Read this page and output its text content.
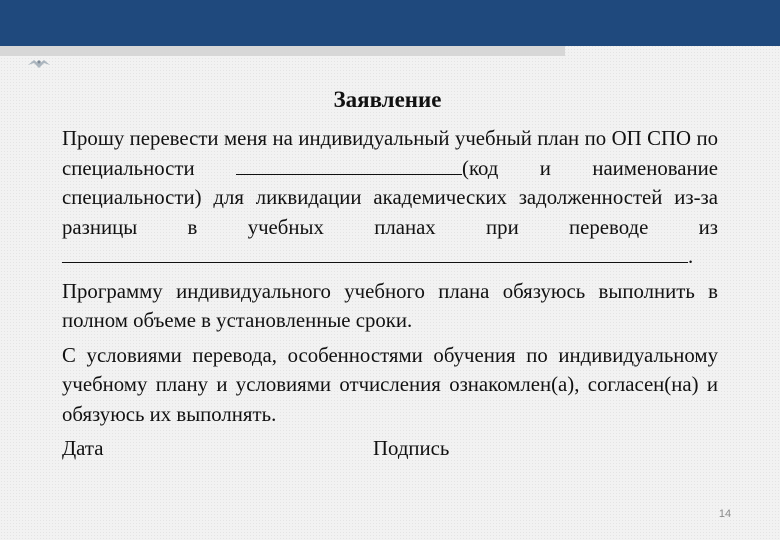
Заявление

Прошу перевести меня на индивидуальный учебный план по ОП СПО по специальности	(код и наименование специальности) для ликвидации академических задолженностей из-за разницы в учебных планах при переводе из .

Программу индивидуального учебного плана обязуюсь выполнить в полном объеме в установленные сроки.

С условиями перевода, особенностями обучения по индивидуальному учебному плану и условиями отчисления ознакомлен(а), согласен(на) и обязуюсь их выполнять.

Дата	Подпись
14
